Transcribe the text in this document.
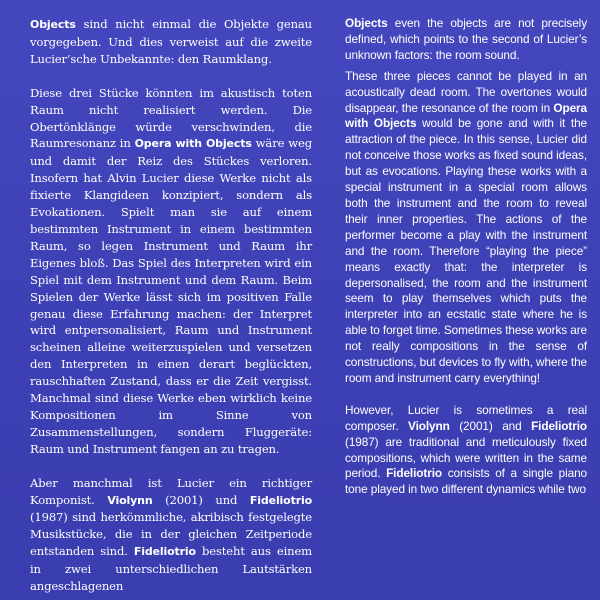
Objects sind nicht einmal die Objekte genau vorgegeben. Und dies verweist auf die zweite Lucier’sche Unbekannte: den Raumklang.

Diese drei Stücke könnten im akustisch toten Raum nicht realisiert werden. Die Obertönklänge würde verschwinden, die Raumresonanz in Opera with Objects wäre weg und damit der Reiz des Stückes verloren. Insofern hat Alvin Lucier diese Werke nicht als fixierte Klangideen konzipiert, sondern als Evokationen. Spielt man sie auf einem bestimmten Instrument in einem bestimmten Raum, so legen Instrument und Raum ihr Eigenes bloß. Das Spiel des Interpreten wird ein Spiel mit dem Instrument und dem Raum. Beim Spielen der Werke lässt sich im positiven Falle genau diese Erfahrung machen: der Interpret wird entpersonalisiert, Raum und Instrument scheinen alleine weiterzuspielen und versetzen den Interpreten in einen derart beglückten, rauschhaften Zustand, dass er die Zeit vergisst. Manchmal sind diese Werke eben wirklich keine Kompositionen im Sinne von Zusammenstellungen, sondern Fluggeräte: Raum und Instrument fangen an zu tragen.

Aber manchmal ist Lucier ein richtiger Komponist. Violynn (2001) und Fideliotrio (1987) sind herkömmliche, akribisch festgelegte Musikstücke, die in der gleichen Zeitperiode entstanden sind. Fideliotrio besteht aus einem in zwei unterschiedlichen Lautstärken angeschlagenen

Objects even the objects are not precisely defined, which points to the second of Lucier’s unknown factors: the room sound.

These three pieces cannot be played in an acoustically dead room. The overtones would disappear, the resonance of the room in Opera with Objects would be gone and with it the attraction of the piece. In this sense, Lucier did not conceive those works as fixed sound ideas, but as evocations. Playing these works with a special instrument in a special room allows both the instrument and the room to reveal their inner properties. The actions of the performer become a play with the instrument and the room. Therefore “playing the piece” means exactly that: the interpreter is depersonalised, the room and the instrument seem to play themselves which puts the interpreter into an ecstatic state where he is able to forget time. Sometimes these works are not really compositions in the sense of constructions, but devices to fly with, where the room and instrument carry everything!

However, Lucier is sometimes a real composer. Violynn (2001) and Fideliotrio (1987) are traditional and meticulously fixed compositions, which were written in the same period. Fideliotrio consists of a single piano tone played in two different dynamics while two
